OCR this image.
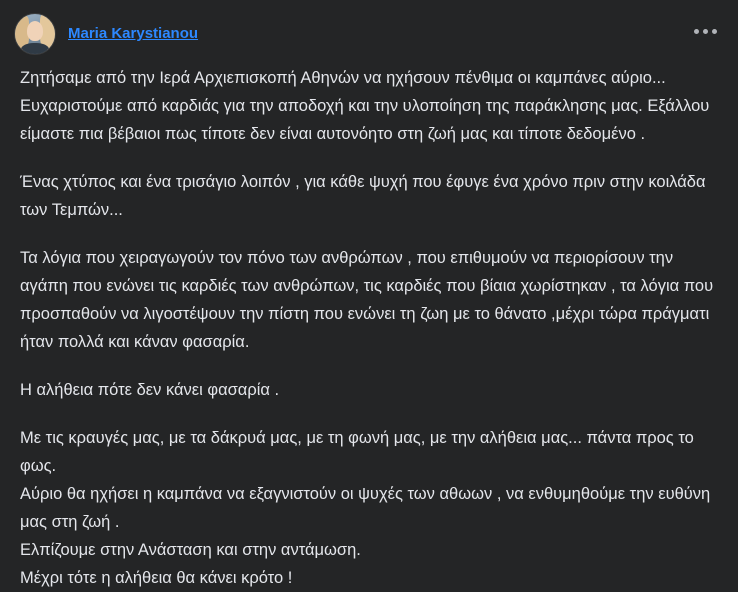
Maria Karystianou

Ζητήσαμε από την Ιερά Αρχιεπισκοπή Αθηνών να ηχήσουν πένθιμα οι καμπάνες αύριο...

Ευχαριστούμε από καρδιάς για την αποδοχή και την υλοποίηση της παράκλησης μας. Εξάλλου είμαστε πια βέβαιοι πως τίποτε δεν είναι αυτονόητο στη ζωή μας και τίποτε δεδομένο .

Ένας χτύπος και ένα τρισάγιο λοιπόν , για κάθε ψυχή που έφυγε ένα χρόνο πριν στην κοιλάδα των Τεμπών...

Τα λόγια που χειραγωγούν τον πόνο των ανθρώπων , που επιθυμούν να περιορίσουν την αγάπη που ενώνει τις καρδιές των ανθρώπων, τις καρδιές που βίαια χωρίστηκαν , τα λόγια που προσπαθούν να λιγοστέψουν την πίστη που ενώνει τη ζωη με το θάνατο ,μέχρι τώρα πράγματι ήταν πολλά και κάναν φασαρία.

Η αλήθεια πότε δεν κάνει φασαρία .

Με τις κραυγές μας, με τα δάκρυά μας, με τη φωνή μας, με την αλήθεια μας... πάντα προς το φως.

Αύριο θα ηχήσει η καμπάνα να εξαγνιστούν οι ψυχές των αθωων , να ενθυμηθούμε την ευθύνη μας στη ζωή .

Ελπίζουμε στην Ανάσταση και στην αντάμωση.

Μέχρι τότε η αλήθεια θα κάνει κρότο !
